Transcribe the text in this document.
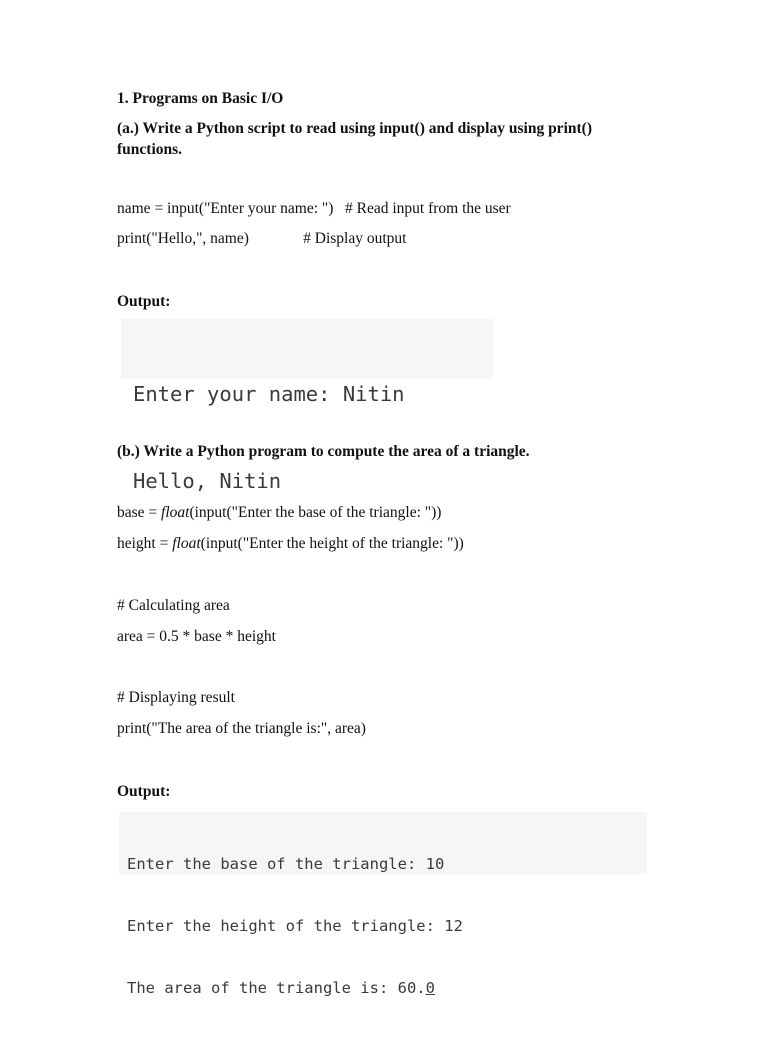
1. Programs on Basic I/O
(a.) Write a Python script to read using input() and display using print()
functions.
name = input("Enter your name: ")   # Read input from the user
print("Hello,", name)              # Display output
Output:

Enter your name: Nitin

Hello, Nitin

(b.) Write a Python program to compute the area of a triangle.
base = float(input("Enter the base of the triangle: "))
height = float(input("Enter the height of the triangle: "))
# Calculating area
area = 0.5 * base * height
# Displaying result
print("The area of the triangle is:", area)
Output:

Enter the base of the triangle: 10

Enter the height of the triangle: 12

The area of the triangle is: 60.0
